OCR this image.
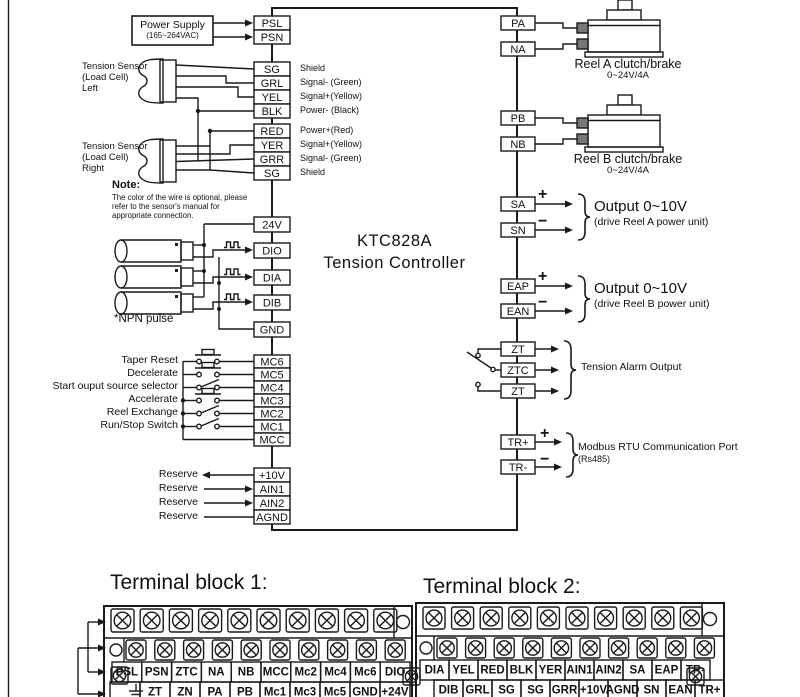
PSL
PSN
SG
GRL
YEL
BLK
RED
YER
GRR
SG
24V
DIO
DIA
DIB
GND
MC6
MC5
MC4
MC3
MC2
MC1
MCC
+10V
AIN1
AIN2
AGND
PA
NA
PB
NB
SA
SN
EAP
EAN
ZT
ZTC
ZT
TR+
TR-
PSL PSN ZTC NA NB MCC Mc2 Mc4 Mc6 DIO
ZT ZN PA PB Mc1 Mc3 Mc5 GND +24V
DIA YEL RED BLK YER AIN1 AIN2 SA EAP TR-
DIB GRL SG SG GRR +10V
AGND SN EAN TR+
Power Supply
(165~264VAC)
Tension Sensor
(Load Cell)
Left
Tension Sensor
(Load Cell)
Right
Shield
Signal- (Green)
Signal+(Yellow)
Power- (Black)
Power+(Red)
Signal+(Yellow)
Signal- (Green)
Shield
Note:
The color of the wire is optional, please
refer to the sensor's manual for
appropriate connection.
*NPN pulse
Taper Reset
Decelerate
Start ouput source selector
Accelerate
Reel Exchange
Run/Stop Switch
Reserve
Reserve
Reserve
Reserve
KTC828A
Tension Controller
Reel A clutch/brake
0~24V/4A
Reel B clutch/brake
0~24V/4A
+
−
Output 0~10V
(drive Reel A power unit)
+
−
Output 0~10V
(drive Reel B power unit)
Tension Alarm Output
+
−
Modbus RTU Communication Port
(Rs485)
Terminal block 1:	Terminal block 2:
